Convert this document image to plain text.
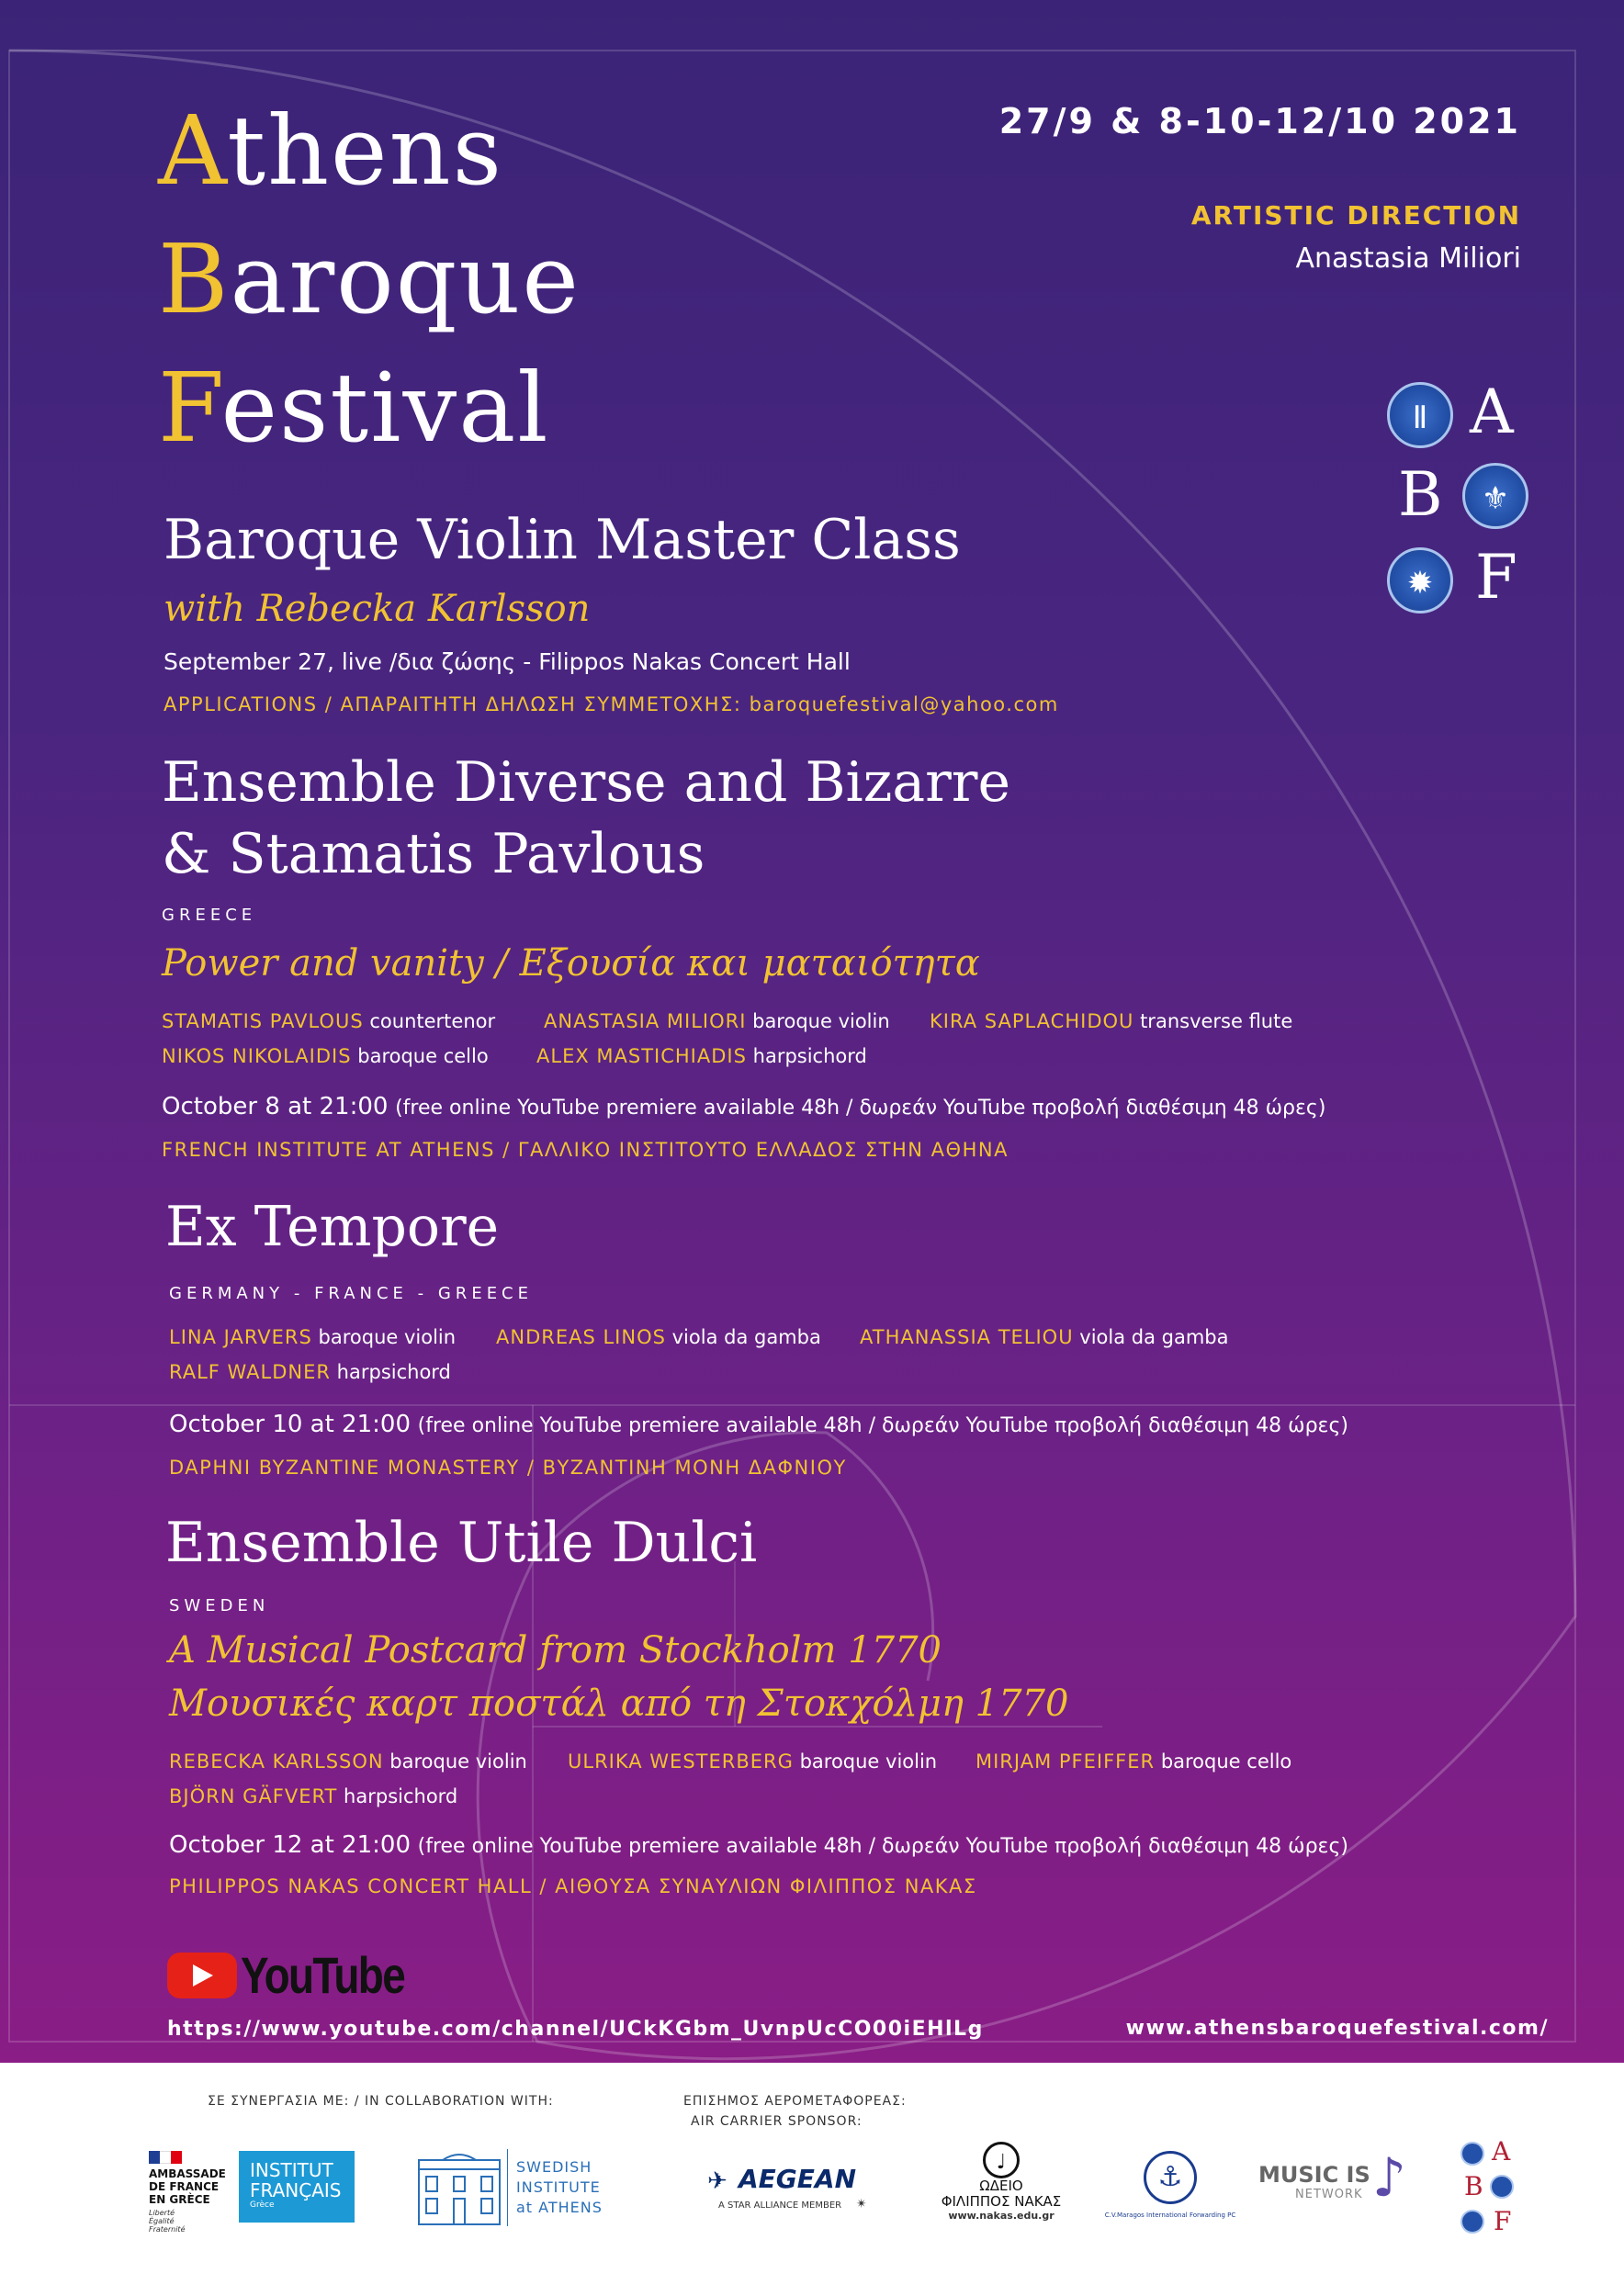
Athens
Baroque
Festival
27/9 & 8-10-12/10 2021
ARTISTIC DIRECTION
Anastasia Miliori
Ⅱ A
B	⚜
✹ F
Baroque Violin Master Class
with Rebecka Karlsson
September 27, live /δια ζώσης - Filippos Nakas Concert Hall
APPLICATIONS / ΑΠΑΡΑΙΤΗΤΗ ΔΗΛΩΣΗ ΣΥΜΜΕΤΟΧΗΣ: baroquefestival@yahoo.com
Ensemble Diverse and Bizarre
& Stamatis Pavlous
GREECE
Power and vanity / Εξουσία και ματαιότητα
STAMATIS PAVLOUS countertenor	ANASTASIA MILIORI baroque violin KIRA SAPLACHIDOU transverse flute
NIKOS NIKOLAIDIS baroque cello ALEX MASTICHIADIS harpsichord
October 8 at 21:00 (free online YouTube premiere available 48h / δωρεάν YouTube προβολή διαθέσιμη 48 ώρες)
FRENCH INSTITUTE AT ATHENS / ΓΑΛΛΙΚΟ ΙΝΣΤΙΤΟΥΤΟ ΕΛΛΑΔΟΣ ΣΤΗΝ ΑΘΗΝΑ
Ex Tempore
GERMANY - FRANCE - GREECE
LINA JARVERS baroque violin ANDREAS LINOS viola da gamba ATHANASSIA TELIOU viola da gamba
RALF WALDNER harpsichord
October 10 at 21:00 (free online YouTube premiere available 48h / δωρεάν YouTube προβολή διαθέσιμη 48 ώρες)
DAPHNI BYZANTINE MONASTERY / ΒΥΖΑΝΤΙΝΗ ΜΟΝΗ ΔΑΦΝΙΟΥ
Ensemble Utile Dulci
SWEDEN
A Musical Postcard from Stockholm 1770
Μουσικές καρτ ποστάλ από τη Στοκχόλμη 1770
REBECKA KARLSSON baroque violin ULRIKA WESTERBERG baroque violin MIRJAM PFEIFFER baroque cello
BJÖRN GÄFVERT harpsichord
October 12 at 21:00 (free online YouTube premiere available 48h / δωρεάν YouTube προβολή διαθέσιμη 48 ώρες)
PHILIPPOS NAKAS CONCERT HALL / ΑΙΘΟΥΣΑ ΣΥΝΑΥΛΙΩΝ ΦΙΛΙΠΠΟΣ ΝΑΚΑΣ
YouTube
https://www.youtube.com/channel/UCkKGbm_UvnpUcCO00iEHlLg	www.athensbaroquefestival.com/
ΣΕ ΣΥΝΕΡΓΑΣΙΑ ΜΕ: / IN COLLABORATION WITH:	ΕΠΙΣΗΜΟΣ ΑΕΡΟΜΕΤΑΦΟΡΕΑΣ:
AIR CARRIER SPONSOR:
AMBASSADE
DE FRANCE
EN GRÈCE
Liberté
Égalité
Fraternité
INSTITUT
FRANÇAIS
Grèce
SWEDISH
INSTITUTE
at ATHENS
✈ AEGEAN
A STAR ALLIANCE MEMBER ✴
♩
ΩΔΕΙΟ
ΦΙΛΙΠΠΟΣ ΝΑΚΑΣ
www.nakas.edu.gr
⚓
C.V.Maragos International Forwarding PC
MUSIC IS
NETWORK ♪	A
B
F
